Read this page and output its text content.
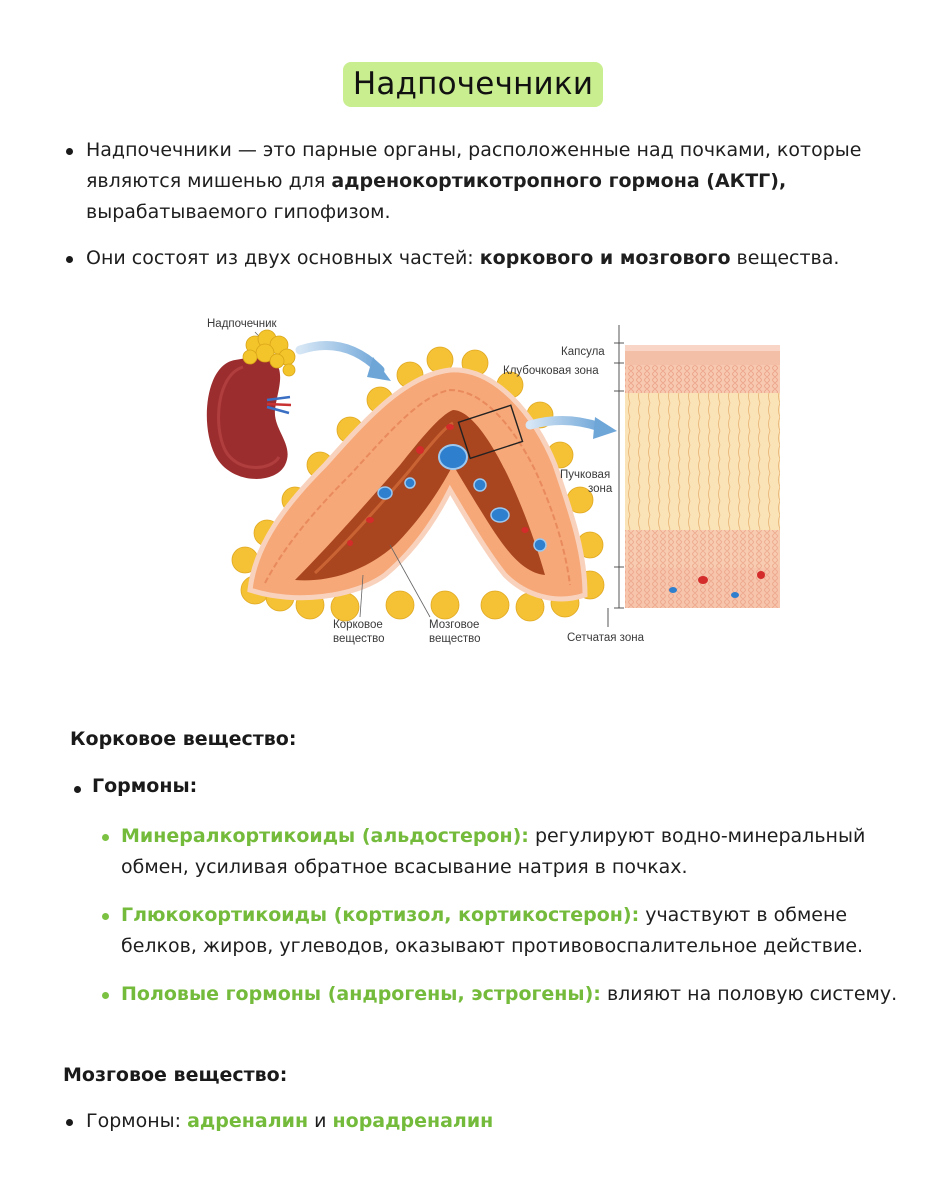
Надпочечники
Надпочечники — это парные органы, расположенные над почками, которые
являются мишенью для адренокортикотропного гормона (АКТГ),
вырабатываемого гипофизом.
Они состоят из двух основных частей: коркового и мозгового вещества.
Надпочечник
Корковое
вещество
Мозговое
вещество
Капсула
Клубочковая зона
Пучковая
зона
Сетчатая зона
Корковое вещество:
Гормоны:
Минералкортикоиды (альдостерон): регулируют водно-минеральный
обмен, усиливая обратное всасывание натрия в почках.
Глюкокортикоиды (кортизол, кортикостерон): участвуют в обмене
белков, жиров, углеводов, оказывают противовоспалительное действие.
Половые гормоны (андрогены, эстрогены): влияют на половую систему.
Мозговое вещество:
Гормоны: адреналин и норадреналин
